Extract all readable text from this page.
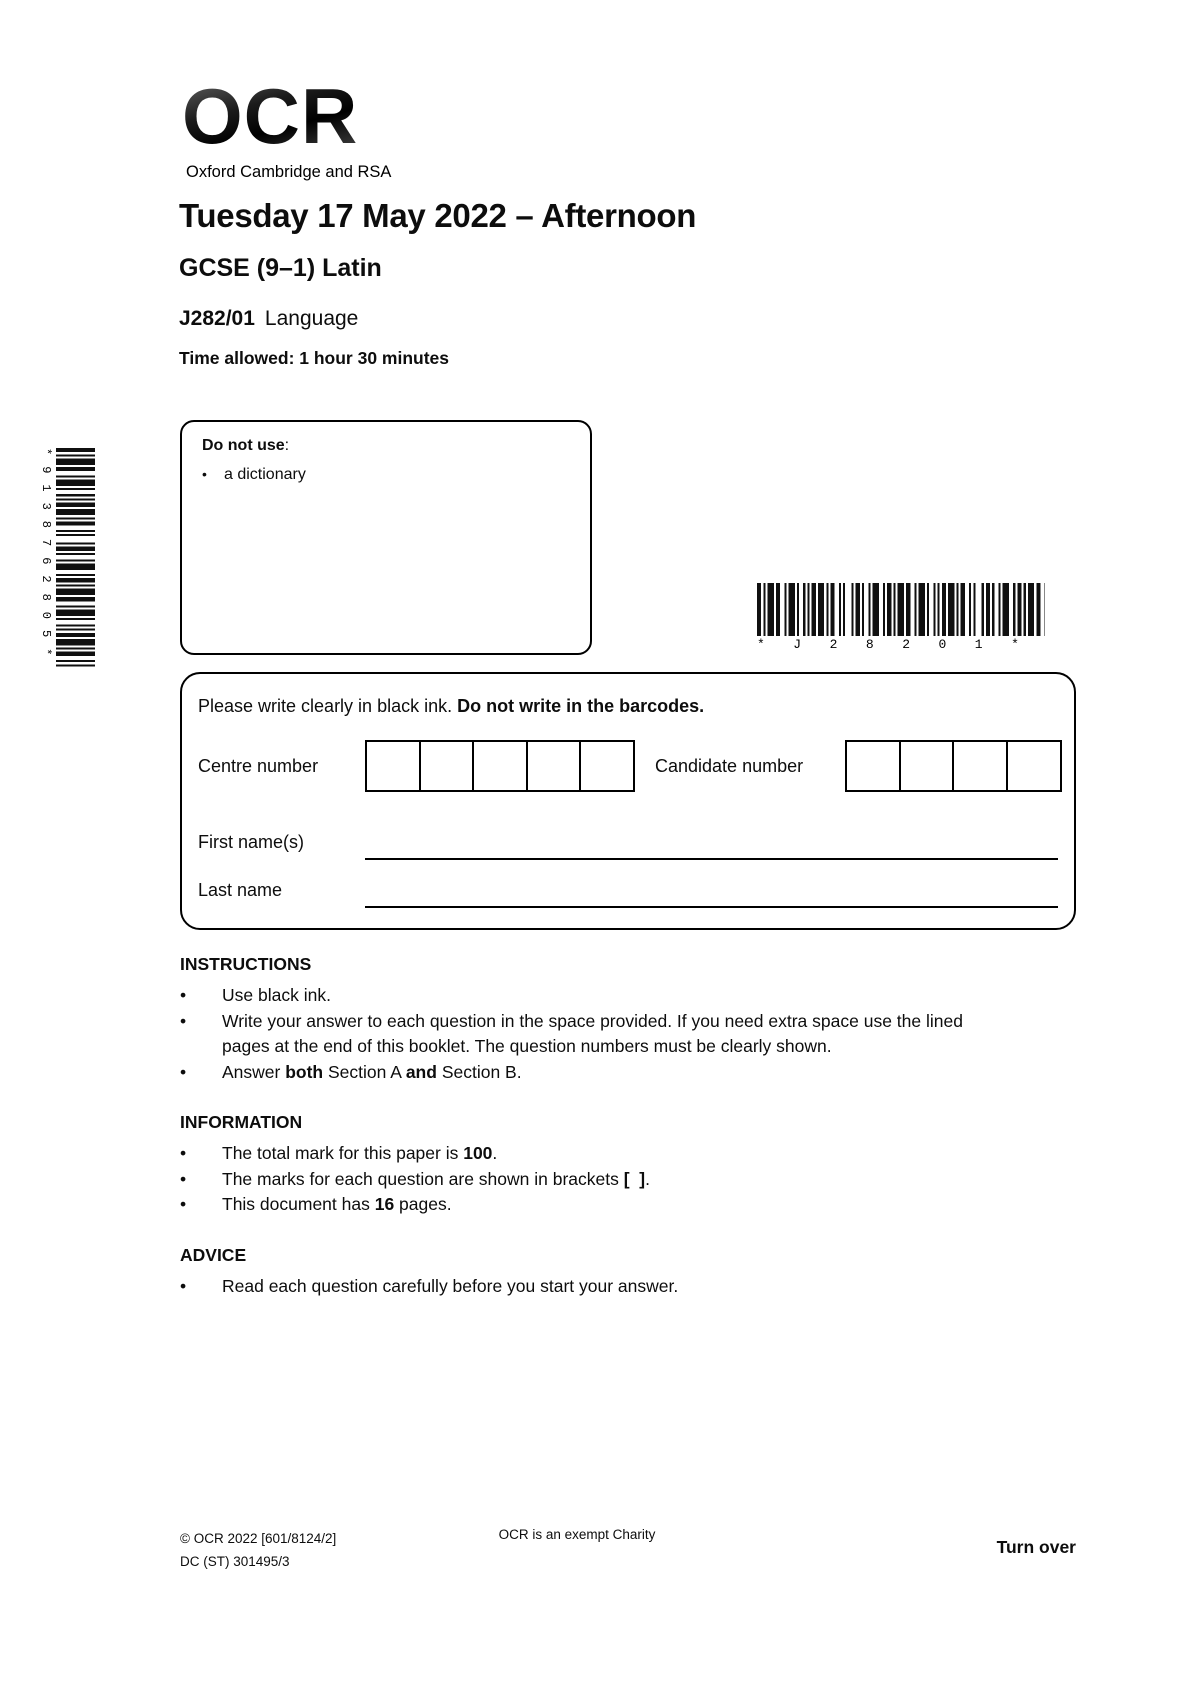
OCR
Oxford Cambridge and RSA
Tuesday 17 May 2022 – Afternoon
GCSE (9–1) Latin
J282/01 Language
Time allowed: 1 hour 30 minutes
Do not use:
•	a dictionary
*9138762805*	*J28201*
Please write clearly in black ink. Do not write in the barcodes.
Centre number	Candidate number
First name(s)
Last name
INSTRUCTIONS
•	Use black ink.
•	Write your answer to each question in the space provided. If you need extra space use the lined pages at the end of this booklet. The question numbers must be clearly shown.
•	Answer both Section A and Section B.
INFORMATION
•	The total mark for this paper is 100.
•	The marks for each question are shown in brackets [  ].
•	This document has 16 pages.
ADVICE
•	Read each question carefully before you start your answer.
© OCR 2022 [601/8124/2]
DC (ST) 301495/3
OCR is an exempt Charity
Turn over
